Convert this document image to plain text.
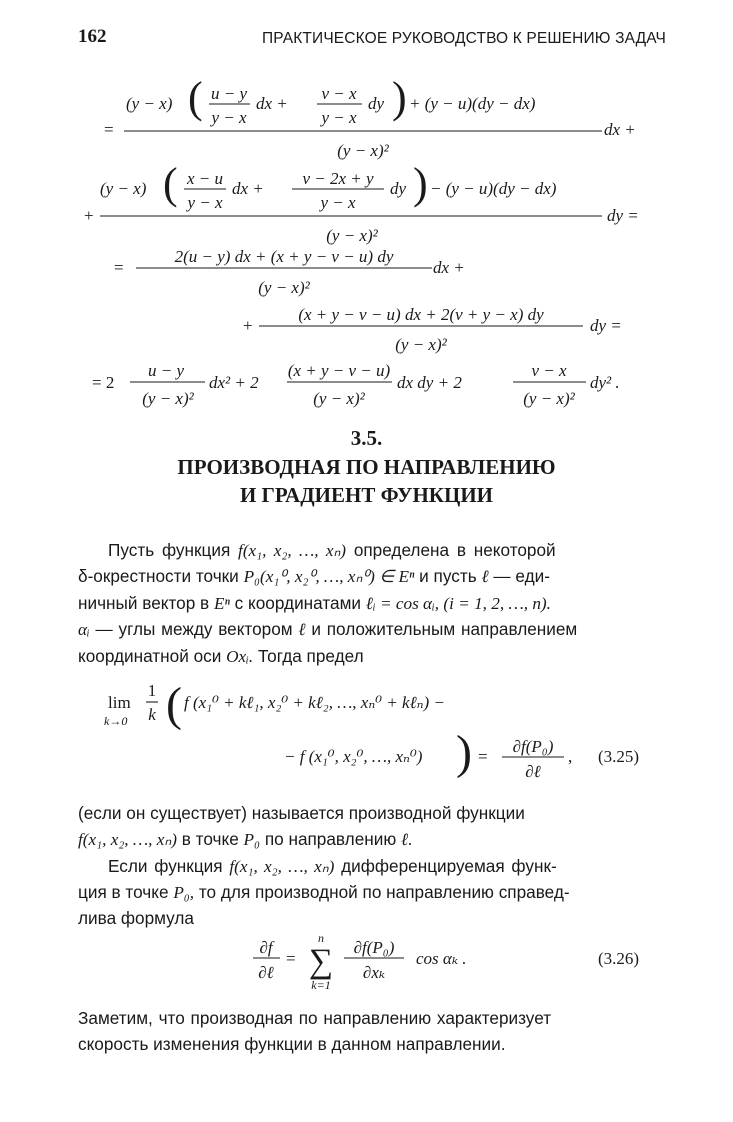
162	ПРАКТИЧЕСКОЕ РУКОВОДСТВО К РЕШЕНИЮ ЗАДАЧ
(y − x) ( u − y
y − x
dx +
v − x
y − x
dy ) + (y − u)(dy − dx)
=
(y − x)²
dx +
(y − x) ( x − u
y − x
dx +
v − 2x + y
y − x
dy ) − (y − u)(dy − dx)
+
(y − x)²
dy =
=
2(u − y) dx + (x + y − v − u) dy
(y − x)²
dx +
+
(x + y − v − u) dx + 2(v + y − x) dy
(y − x)²
dy =
= 2
u − y
(y − x)²
dx² + 2
(x + y − v − u)
(y − x)²
dx dy + 2
v − x
(y − x)²
dy² .
3.5.
ПРОИЗВОДНАЯ ПО НАПРАВЛЕНИЮ
И ГРАДИЕНТ ФУНКЦИИ
Пусть функция f(x₁, x₂, …, xₙ) определена в некоторой
δ-окрестности точки P₀(x₁⁰, x₂⁰, …, xₙ⁰) ∈ Eⁿ и пусть ℓ — еди-
ничный вектор в Eⁿ с координатами ℓᵢ = cos αᵢ, (i = 1, 2, …, n).
αᵢ — углы между вектором ℓ и положительным направлением
координатной оси Oxᵢ. Тогда предел
lim
k→0
1
k ( f (x₁⁰ + kℓ₁, x₂⁰ + kℓ₂, …, xₙ⁰ + kℓₙ) −
− f (x₁⁰, x₂⁰, …, xₙ⁰) ) =
∂f(P₀)
∂ℓ
, (3.25)
(если он существует) называется производной функции
f(x₁, x₂, …, xₙ) в точке P₀ по направлению ℓ.
Если функция f(x₁, x₂, …, xₙ) дифференцируемая функ-
ция в точке P₀, то для производной по направлению справед-
лива формула
∂f
∂ℓ
=
n
∑
k=1
∂f(P₀)
∂xₖ
cos αₖ .	(3.26)
Заметим, что производная по направлению характеризует
скорость изменения функции в данном направлении.
